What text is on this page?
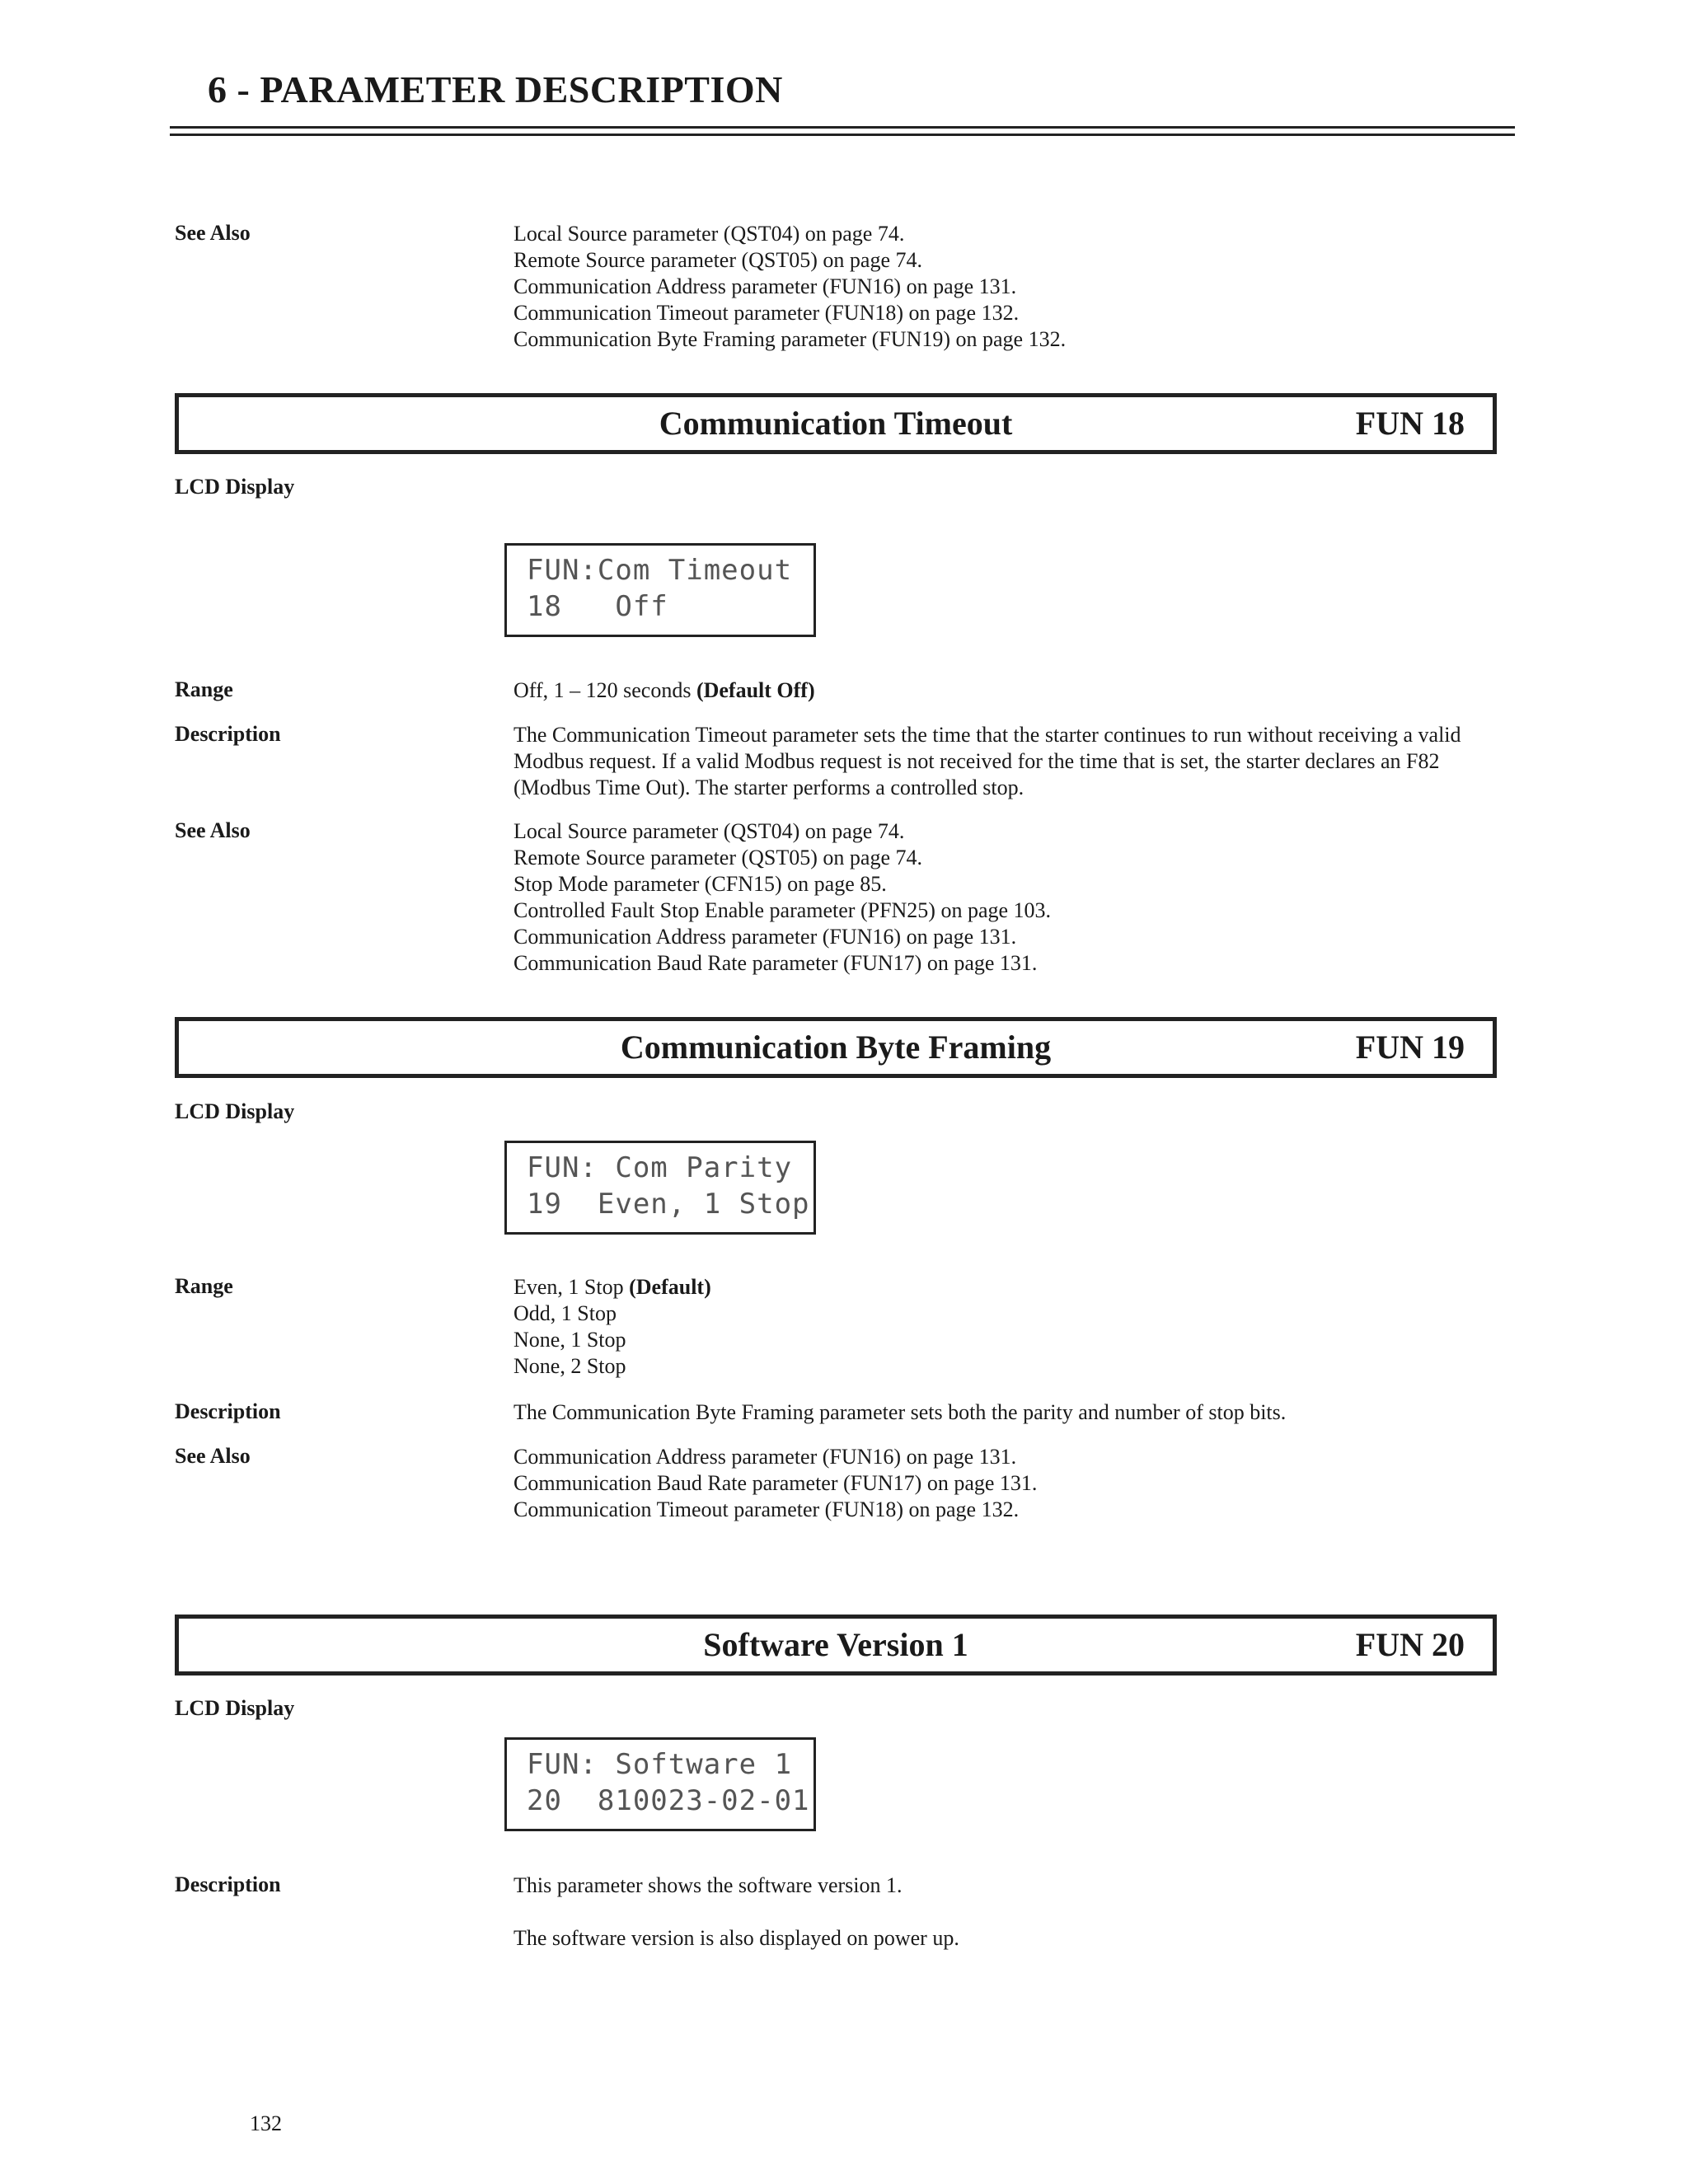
6 - PARAMETER DESCRIPTION
See Also	Local Source parameter (QST04) on page 74.
Remote Source parameter (QST05) on page 74.
Communication Address parameter (FUN16) on page 131.
Communication Timeout parameter (FUN18) on page 132.
Communication Byte Framing parameter (FUN19) on page 132.
Communication Timeout	FUN 18
LCD Display
FUN:Com Timeout
18   Off
Range	Off, 1 – 120 seconds (Default Off)
Description	The Communication Timeout parameter sets the time that the starter continues to run without receiving a valid
Modbus request. If a valid Modbus request is not received for the time that is set, the starter declares an F82
(Modbus Time Out). The starter performs a controlled stop.
See Also	Local Source parameter (QST04) on page 74.
Remote Source parameter (QST05) on page 74.
Stop Mode parameter (CFN15) on page 85.
Controlled Fault Stop Enable parameter (PFN25) on page 103.
Communication Address parameter (FUN16) on page 131.
Communication Baud Rate parameter (FUN17) on page 131.
Communication Byte Framing	FUN 19
LCD Display
FUN: Com Parity
19  Even, 1 Stop
Range	Even, 1 Stop (Default)
Odd, 1 Stop
None, 1 Stop
None, 2 Stop
Description	The Communication Byte Framing parameter sets both the parity and number of stop bits.
See Also	Communication Address parameter (FUN16) on page 131.
Communication Baud Rate parameter (FUN17) on page 131.
Communication Timeout parameter (FUN18) on page 132.
Software Version 1	FUN 20
LCD Display
FUN: Software 1
20  810023-02-01
Description	This parameter shows the software version 1.
The software version is also displayed on power up.
132
